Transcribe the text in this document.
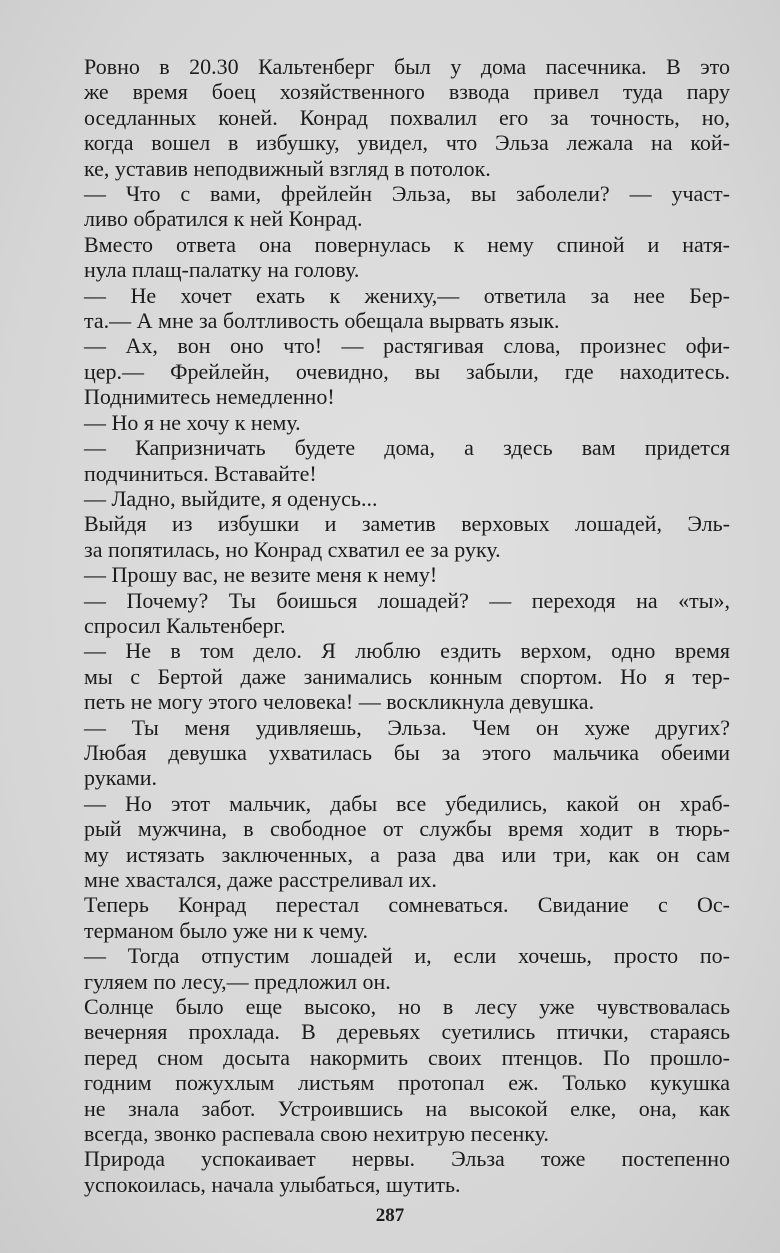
Ровно в 20.30 Кальтенберг был у дома пасечника. В это
же время боец хозяйственного взвода привел туда пару
оседланных коней. Конрад похвалил его за точность, но,
когда вошел в избушку, увидел, что Эльза лежала на кой-
ке, уставив неподвижный взгляд в потолок.
— Что с вами, фрейлейн Эльза, вы заболели? — участ-
ливо обратился к ней Конрад.
Вместо ответа она повернулась к нему спиной и натя-
нула плащ-палатку на голову.
— Не хочет ехать к жениху,— ответила за нее Бер-
та.— А мне за болтливость обещала вырвать язык.
— Ах, вон оно что! — растягивая слова, произнес офи-
цер.— Фрейлейн, очевидно, вы забыли, где находитесь.
Поднимитесь немедленно!
— Но я не хочу к нему.
— Капризничать будете дома, а здесь вам придется
подчиниться. Вставайте!
— Ладно, выйдите, я оденусь...
Выйдя из избушки и заметив верховых лошадей, Эль-
за попятилась, но Конрад схватил ее за руку.
— Прошу вас, не везите меня к нему!
— Почему? Ты боишься лошадей? — переходя на «ты»,
спросил Кальтенберг.
— Не в том дело. Я люблю ездить верхом, одно время
мы с Бертой даже занимались конным спортом. Но я тер-
петь не могу этого человека! — воскликнула девушка.
— Ты меня удивляешь, Эльза. Чем он хуже других?
Любая девушка ухватилась бы за этого мальчика обеими
руками.
— Но этот мальчик, дабы все убедились, какой он храб-
рый мужчина, в свободное от службы время ходит в тюрь-
му истязать заключенных, а раза два или три, как он сам
мне хвастался, даже расстреливал их.
Теперь Конрад перестал сомневаться. Свидание с Ос-
терманом было уже ни к чему.
— Тогда отпустим лошадей и, если хочешь, просто по-
гуляем по лесу,— предложил он.
Солнце было еще высоко, но в лесу уже чувствовалась
вечерняя прохлада. В деревьях суетились птички, стараясь
перед сном досыта накормить своих птенцов. По прошло-
годним пожухлым листьям протопал еж. Только кукушка
не знала забот. Устроившись на высокой елке, она, как
всегда, звонко распевала свою нехитрую песенку.
Природа успокаивает нервы. Эльза тоже постепенно
успокоилась, начала улыбаться, шутить.
287
